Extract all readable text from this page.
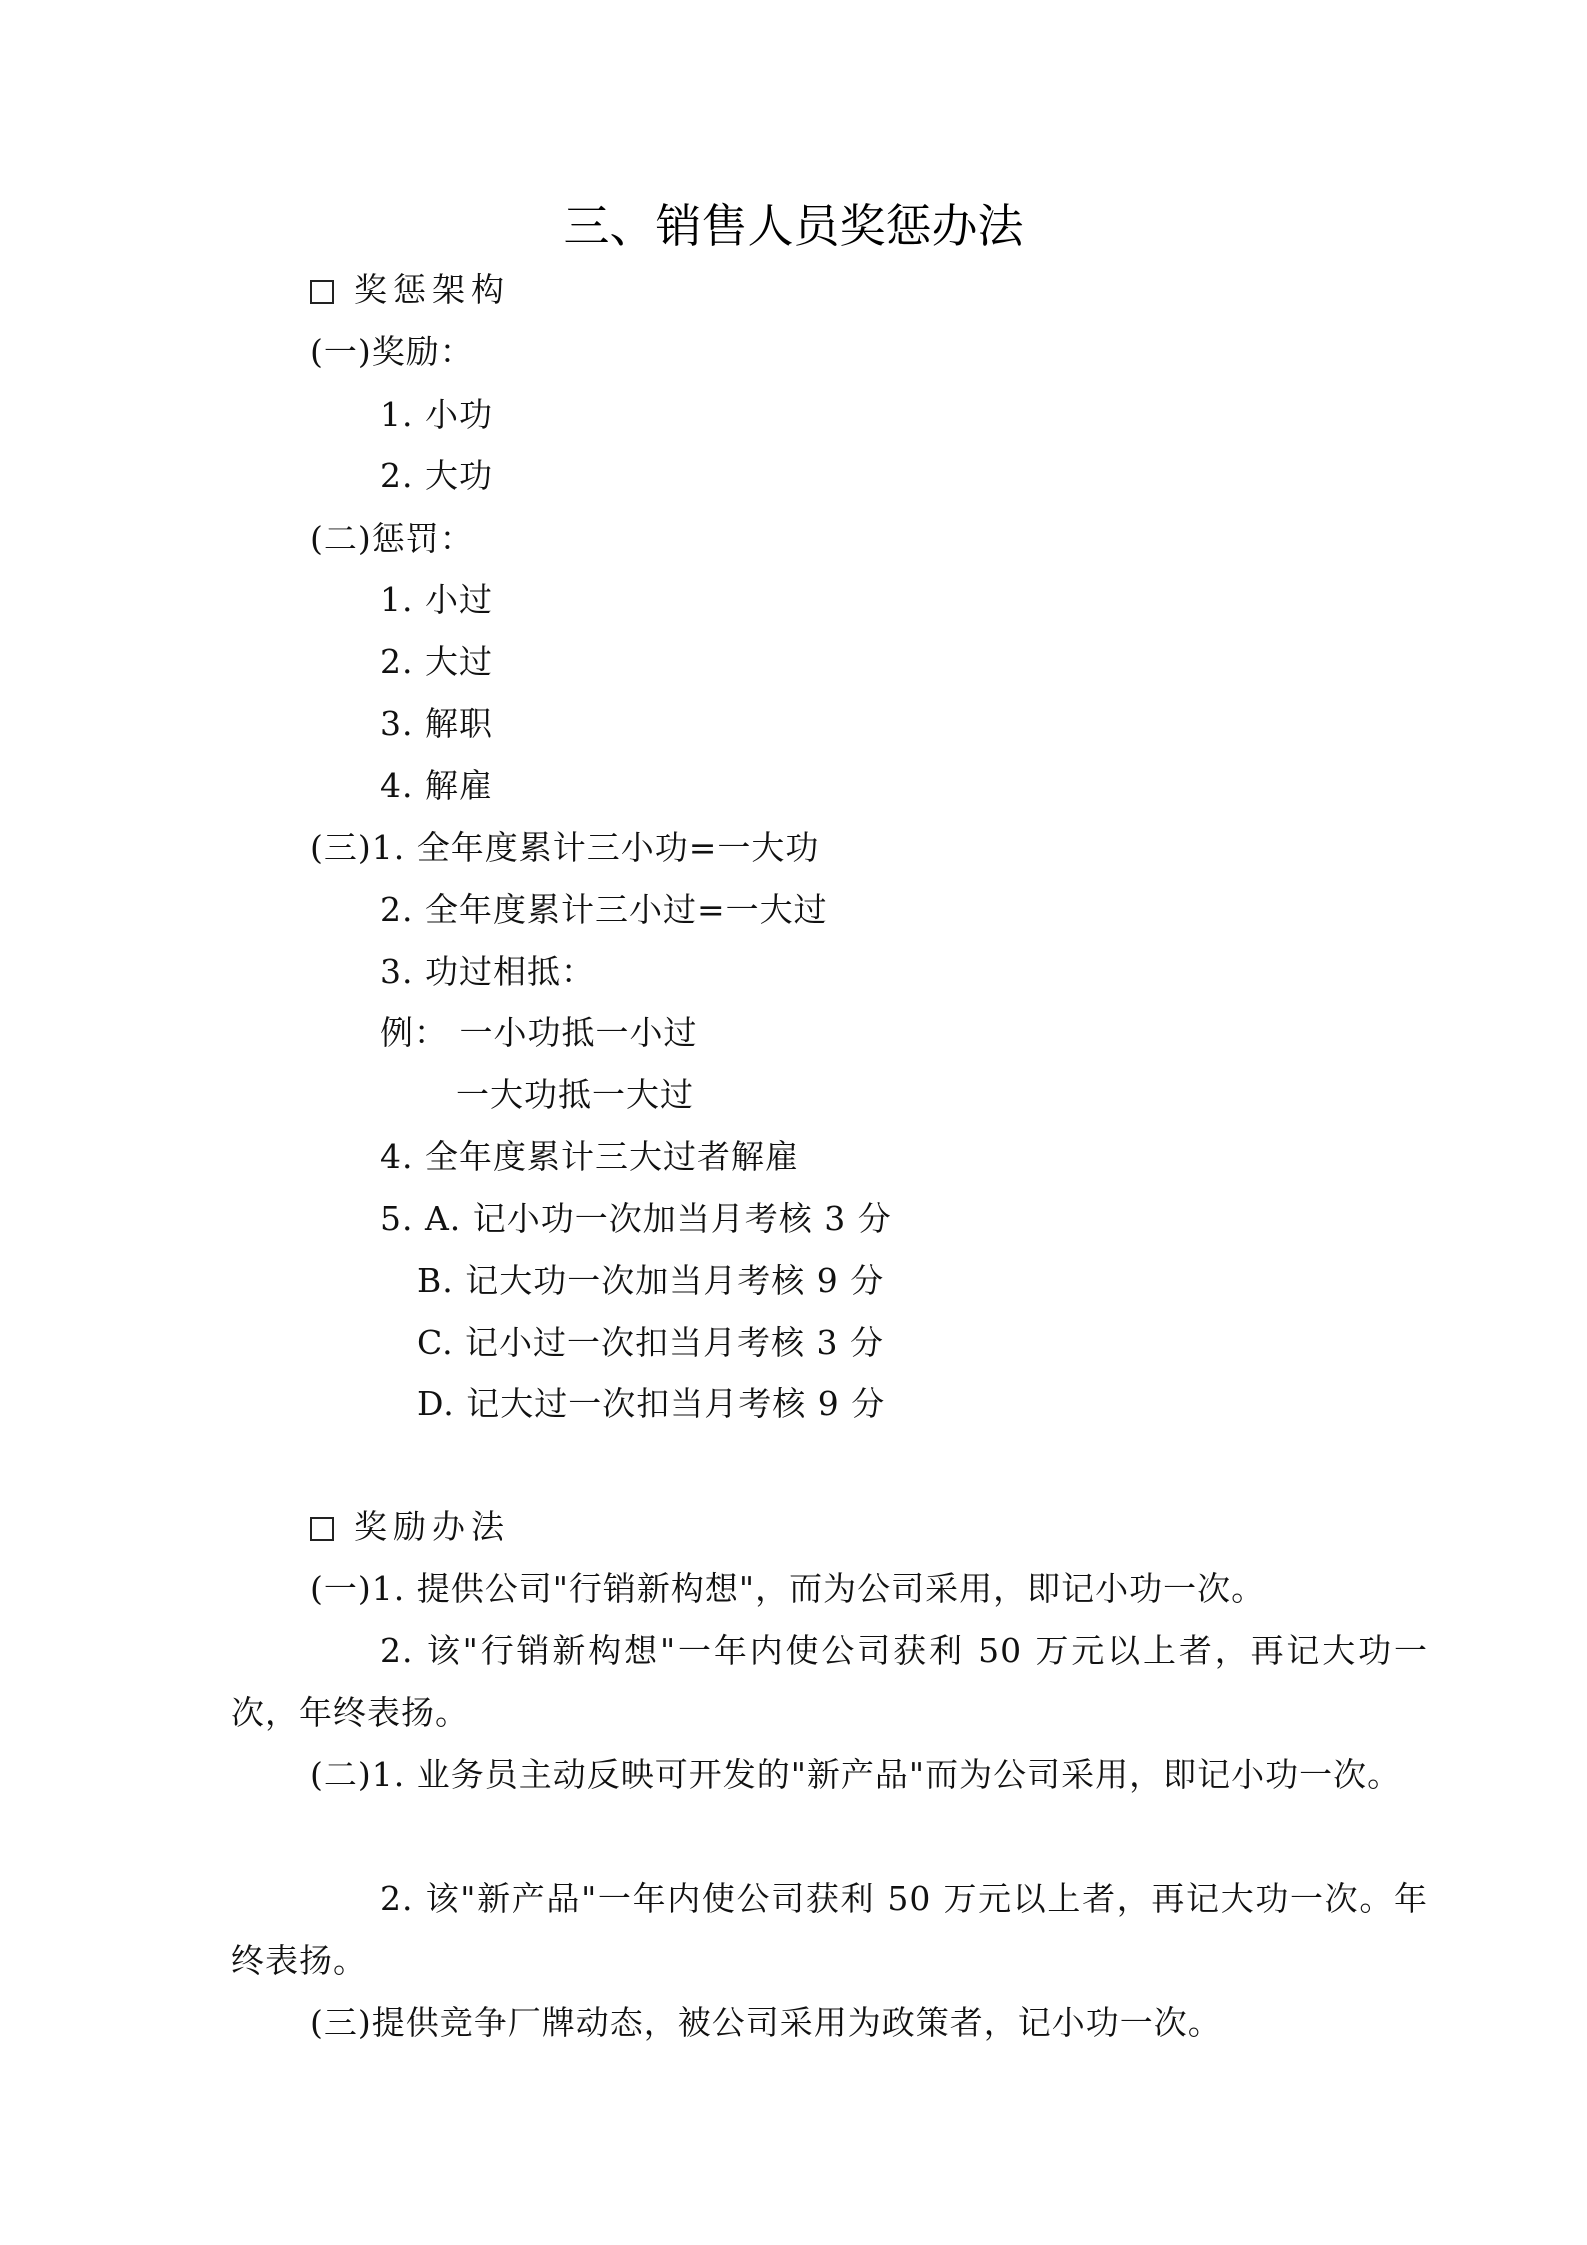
三、销售人员奖惩办法
奖惩架构
(一)奖励：
1. 小功
2. 大功
(二)惩罚：
1. 小过
2. 大过
3. 解职
4. 解雇
(三)1. 全年度累计三小功=一大功
2. 全年度累计三小过=一大过
3. 功过相抵：
例： 一小功抵一小过
一大功抵一大过
4. 全年度累计三大过者解雇
5. A. 记小功一次加当月考核 3 分
B. 记大功一次加当月考核 9 分
C. 记小过一次扣当月考核 3 分
D. 记大过一次扣当月考核 9 分
奖励办法
(一)1. 提供公司"行销新构想"，而为公司采用，即记小功一次。
2. 该"行销新构想"一年内使公司获利 50 万元以上者，再记大功一次，年终表扬。
(二)1. 业务员主动反映可开发的"新产品"而为公司采用，即记小功一次。
2. 该"新产品"一年内使公司获利 50 万元以上者，再记大功一次。年终表扬。
(三)提供竞争厂牌动态，被公司采用为政策者，记小功一次。
